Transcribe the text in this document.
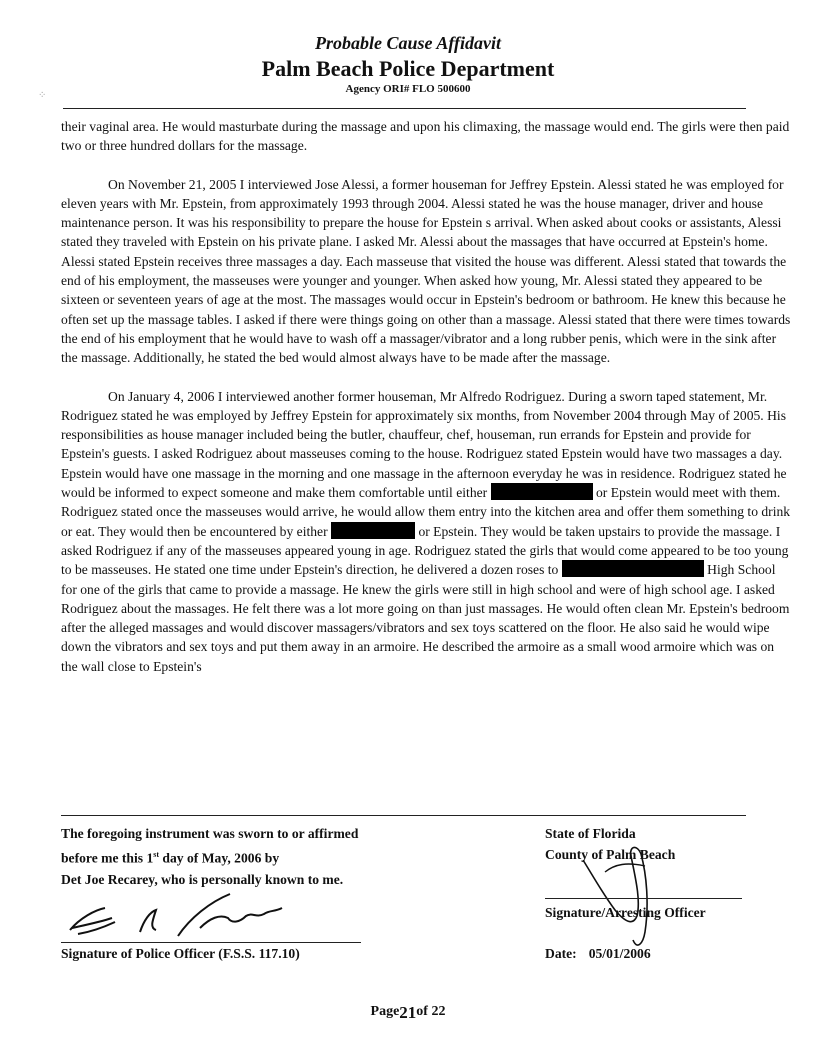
Probable Cause Affidavit
Palm Beach Police Department
Agency ORI# FLO 500600
⁘

their vaginal area. He would masturbate during the massage and upon his climaxing, the massage would end. The girls were then paid two or three hundred dollars for the massage.

On November 21, 2005 I interviewed Jose Alessi, a former houseman for Jeffrey Epstein. Alessi stated he was employed for eleven years with Mr. Epstein, from approximately 1993 through 2004. Alessi stated he was the house manager, driver and house maintenance person. It was his responsibility to prepare the house for Epstein s arrival. When asked about cooks or assistants, Alessi stated they traveled with Epstein on his private plane. I asked Mr. Alessi about the massages that have occurred at Epstein's home. Alessi stated Epstein receives three massages a day. Each masseuse that visited the house was different. Alessi stated that towards the end of his employment, the masseuses were younger and younger. When asked how young, Mr. Alessi stated they appeared to be sixteen or seventeen years of age at the most. The massages would occur in Epstein's bedroom or bathroom. He knew this because he often set up the massage tables. I asked if there were things going on other than a massage. Alessi stated that there were times towards the end of his employment that he would have to wash off a massager/vibrator and a long rubber penis, which were in the sink after the massage. Additionally, he stated the bed would almost always have to be made after the massage.

On January 4, 2006 I interviewed another former houseman, Mr Alfredo Rodriguez. During a sworn taped statement, Mr. Rodriguez stated he was employed by Jeffrey Epstein for approximately six months, from November 2004 through May of 2005. His responsibilities as house manager included being the butler, chauffeur, chef, houseman, run errands for Epstein and provide for Epstein's guests. I asked Rodriguez about masseuses coming to the house. Rodriguez stated Epstein would have two massages a day. Epstein would have one massage in the morning and one massage in the afternoon everyday he was in residence. Rodriguez stated he would be informed to expect someone and make them comfortable until either	or Epstein would meet with them. Rodriguez stated once the masseuses would arrive, he would allow them entry into the kitchen area and offer them something to drink or eat. They would then be encountered by either	or Epstein. They would be taken upstairs to provide the massage. I asked Rodriguez if any of the masseuses appeared young in age. Rodriguez stated the girls that would come appeared to be too young to be masseuses. He stated one time under Epstein's direction, he delivered a dozen roses to	High School for one of the girls that came to provide a massage. He knew the girls were still in high school and were of high school age. I asked Rodriguez about the massages. He felt there was a lot more going on than just massages. He would often clean Mr. Epstein's bedroom after the alleged massages and would discover massagers/vibrators and sex toys scattered on the floor. He also said he would wipe down the vibrators and sex toys and put them away in an armoire. He described the armoire as a small wood armoire which was on the wall close to Epstein's

The foregoing instrument was sworn to or affirmed
before me this 1st day of May, 2006 by
Det Joe Recarey, who is personally known to me.
State of Florida
County of Palm Beach
Signature of Police Officer (F.S.S. 117.10)
Signature/Arresting Officer
Date: 05/01/2006
Page21of 22
